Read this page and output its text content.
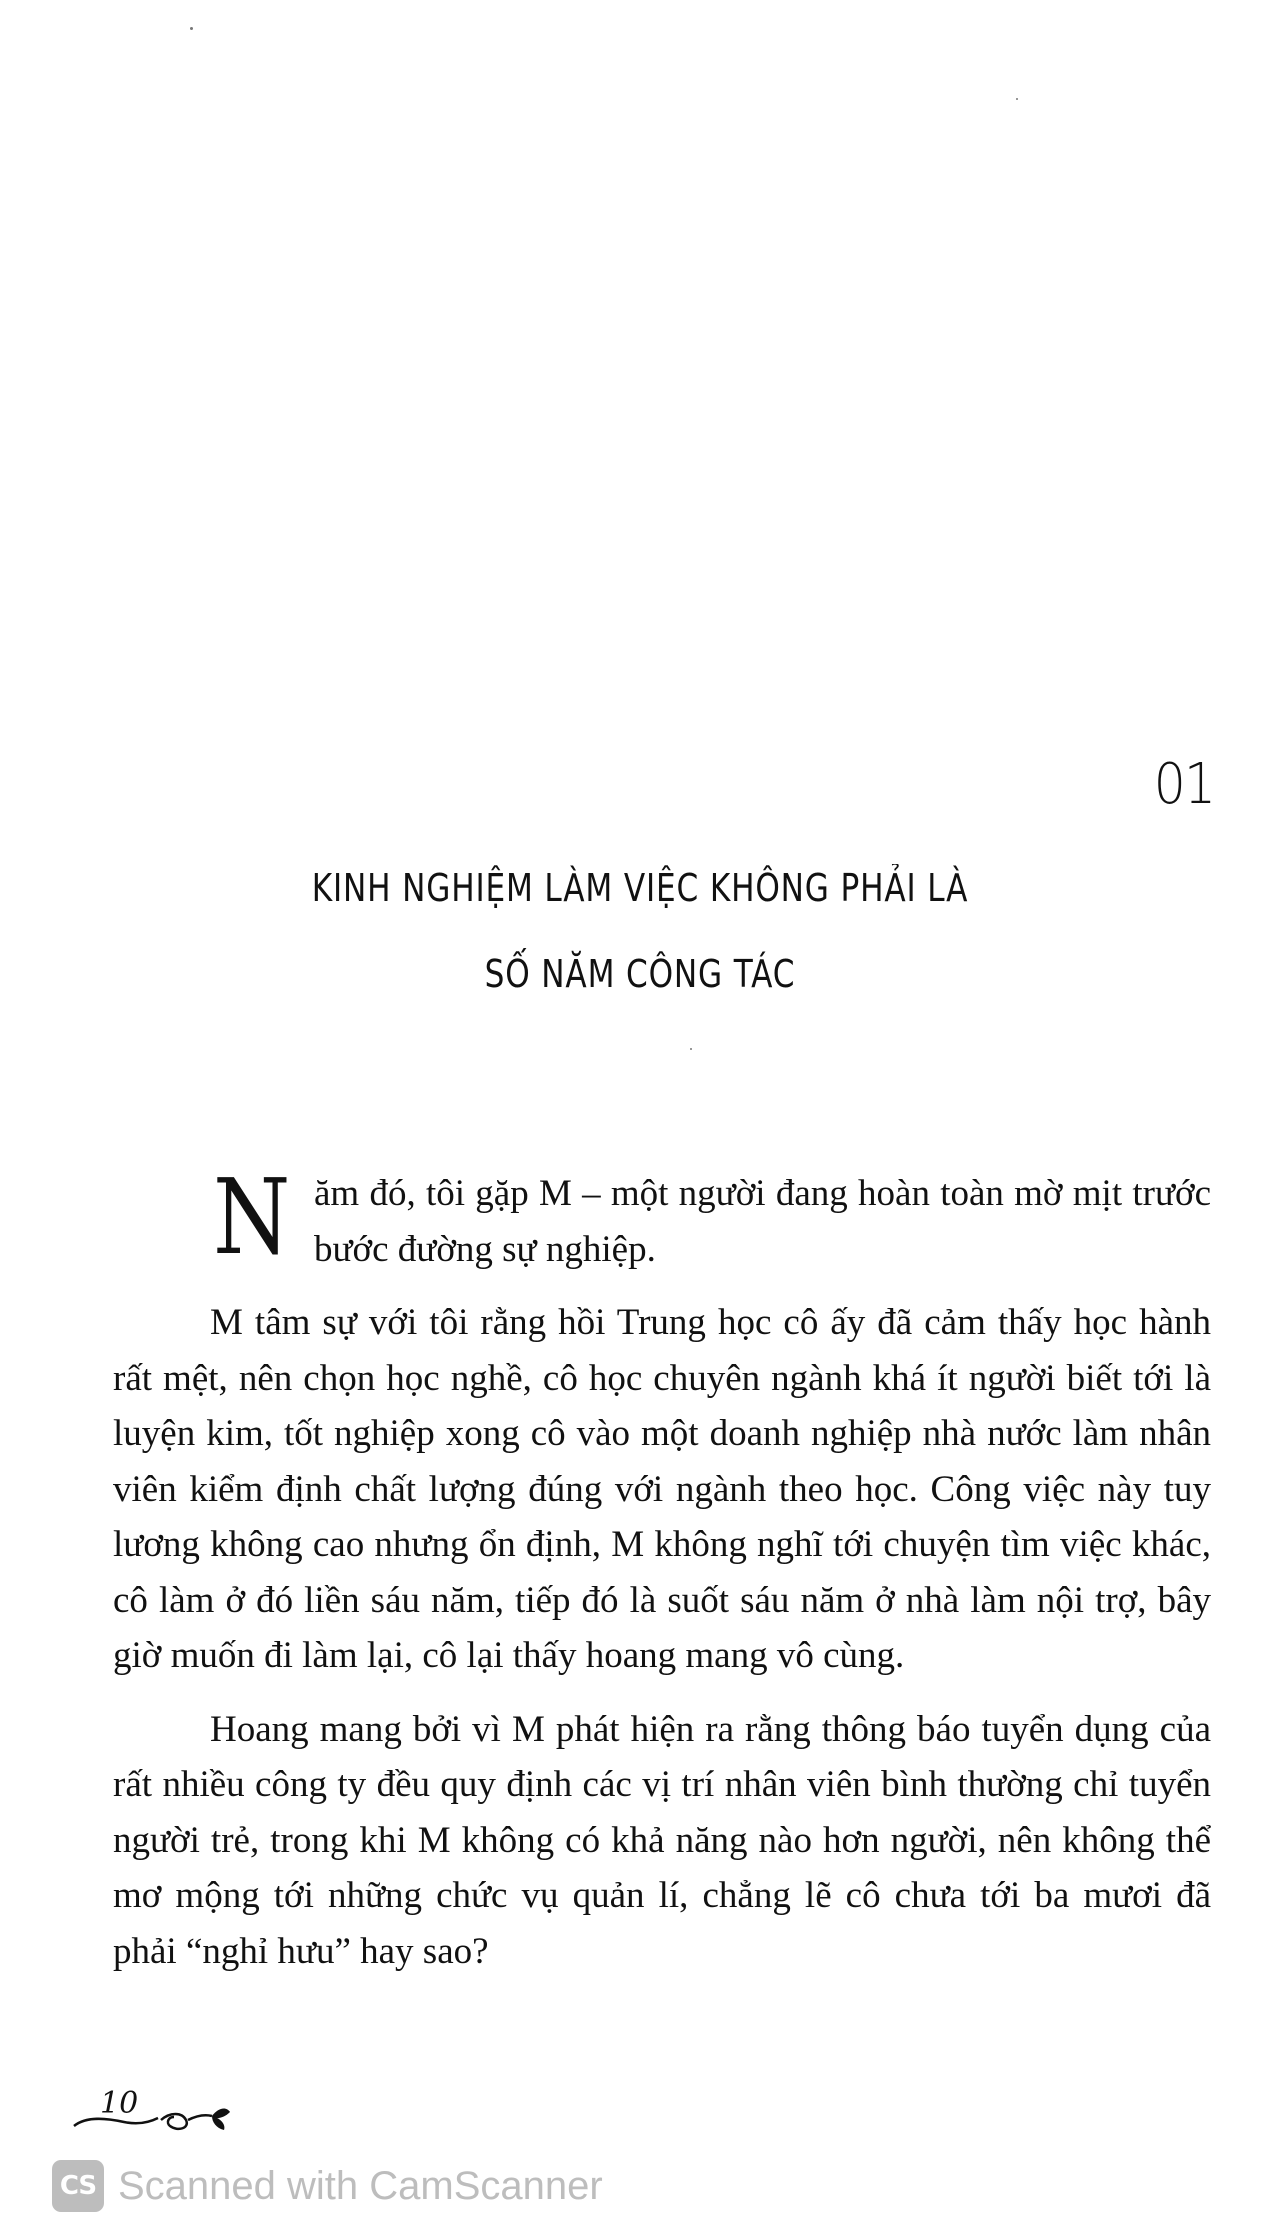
01
KINH NGHIỆM LÀM VIỆC KHÔNG PHẢI LÀ
SỐ NĂM CÔNG TÁC

Năm đó, tôi gặp M – một người đang hoàn toàn mờ mịt trước bước đường sự nghiệp.

M tâm sự với tôi rằng hồi Trung học cô ấy đã cảm thấy học hành rất mệt, nên chọn học nghề, cô học chuyên ngành khá ít người biết tới là luyện kim, tốt nghiệp xong cô vào một doanh nghiệp nhà nước làm nhân viên kiểm định chất lượng đúng với ngành theo học. Công việc này tuy lương không cao nhưng ổn định, M không nghĩ tới chuyện tìm việc khác, cô làm ở đó liền sáu năm, tiếp đó là suốt sáu năm ở nhà làm nội trợ, bây giờ muốn đi làm lại, cô lại thấy hoang mang vô cùng.

Hoang mang bởi vì M phát hiện ra rằng thông báo tuyển dụng của rất nhiều công ty đều quy định các vị trí nhân viên bình thường chỉ tuyển người trẻ, trong khi M không có khả năng nào hơn người, nên không thể mơ mộng tới những chức vụ quản lí, chẳng lẽ cô chưa tới ba mươi đã phải “nghỉ hưu” hay sao?

10
CS Scanned with CamScanner
